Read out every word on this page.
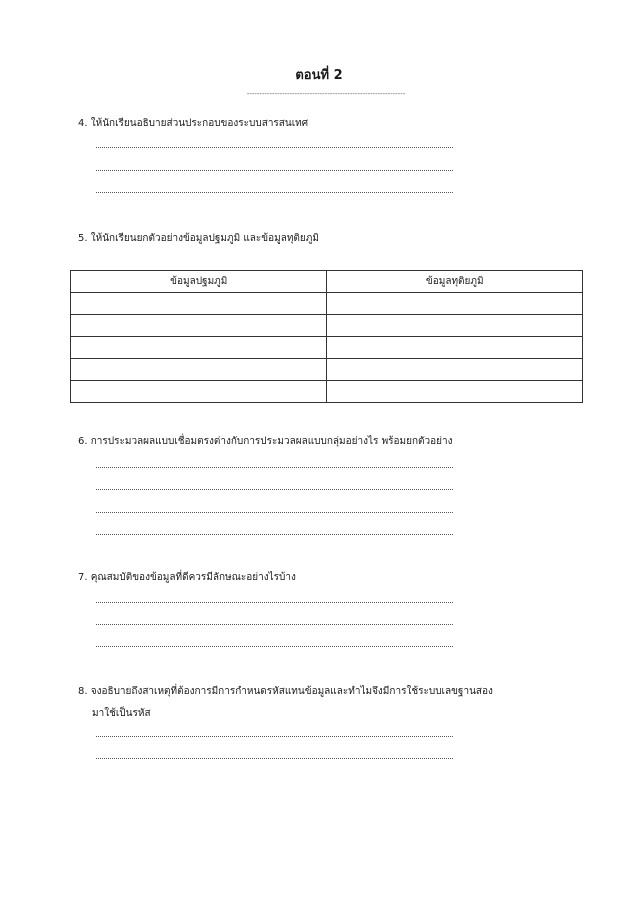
ตอนที่ 2
---------------------------------------------------------------
4. ให้นักเรียนอธิบายส่วนประกอบของระบบสารสนเทศ
5. ให้นักเรียนยกตัวอย่างข้อมูลปฐมภูมิ และข้อมูลทุติยภูมิ
ข้อมูลปฐมภูมิ	ข้อมูลทุติยภูมิ

6. การประมวลผลแบบเชื่อมตรงต่างกับการประมวลผลแบบกลุ่มอย่างไร พร้อมยกตัวอย่าง
7. คุณสมบัติของข้อมูลที่ดีควรมีลักษณะอย่างไรบ้าง
8. จงอธิบายถึงสาเหตุที่ต้องการมีการกำหนดรหัสแทนข้อมูลและทำไมจึงมีการใช้ระบบเลขฐานสอง
มาใช้เป็นรหัส
